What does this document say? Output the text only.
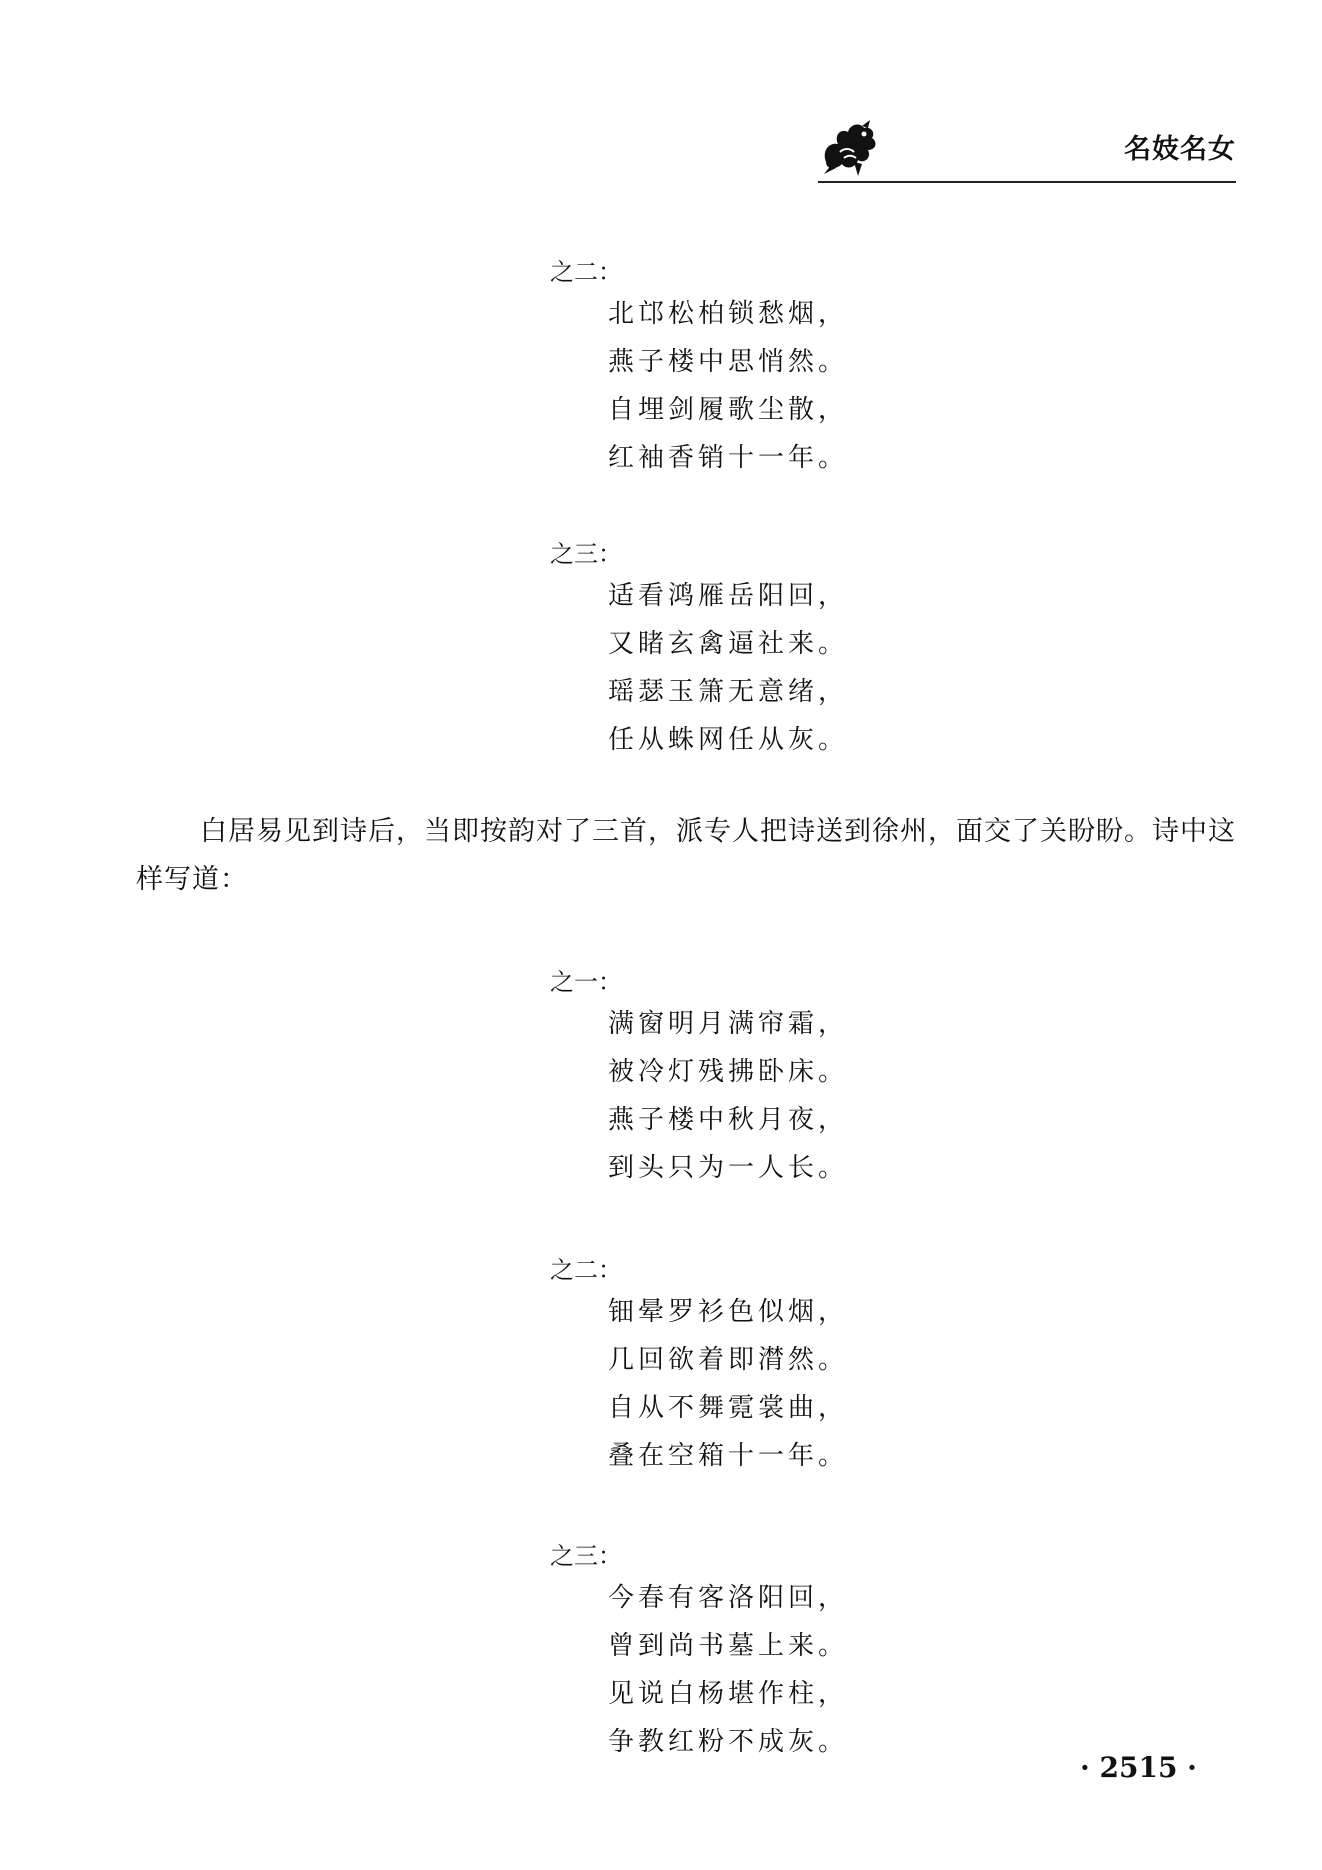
名妓名女

之二：

北邙松柏锁愁烟，

燕子楼中思悄然。

自埋剑履歌尘散，

红袖香销十一年。

之三：

适看鸿雁岳阳回，

又睹玄禽逼社来。

瑶瑟玉箫无意绪，

任从蛛网任从灰。

白居易见到诗后，当即按韵对了三首，派专人把诗送到徐州，面交了关盼盼。诗中这样写道：

之一：

满窗明月满帘霜，

被冷灯残拂卧床。

燕子楼中秋月夜，

到头只为一人长。

之二：

钿晕罗衫色似烟，

几回欲着即潸然。

自从不舞霓裳曲，

叠在空箱十一年。

之三：

今春有客洛阳回，

曾到尚书墓上来。

见说白杨堪作柱，

争教红粉不成灰。

· 2515 ·
